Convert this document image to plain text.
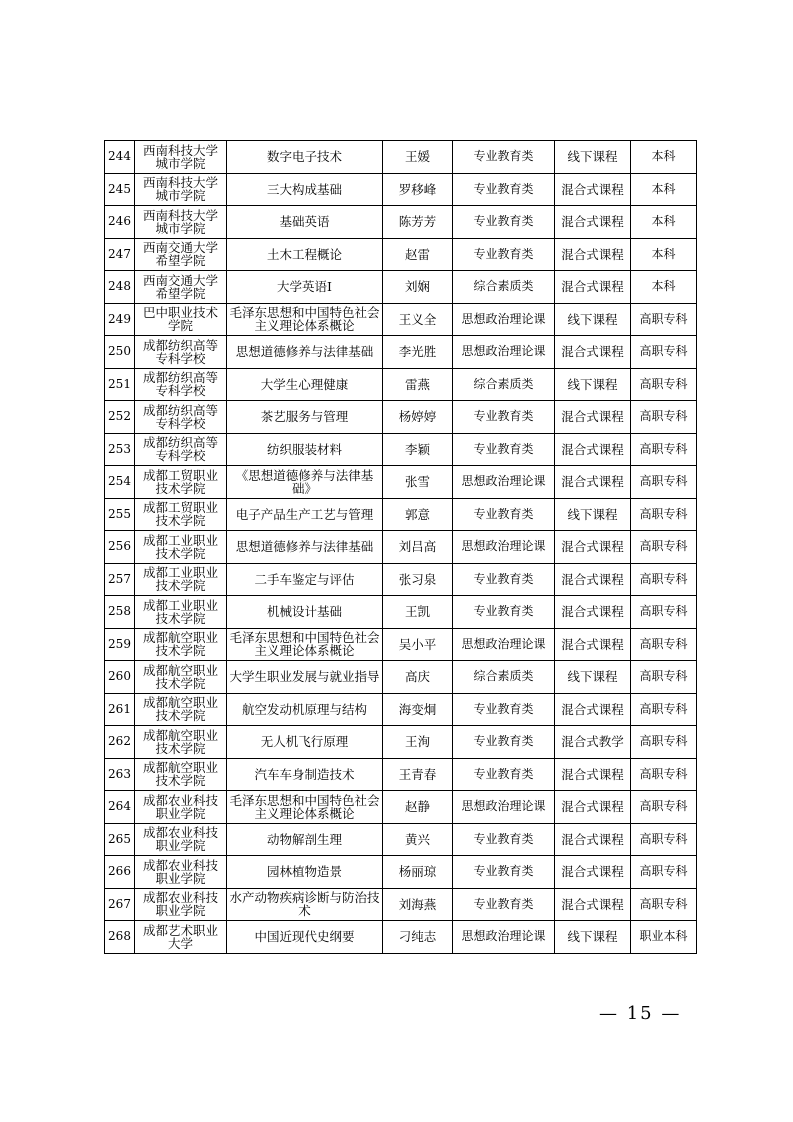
244	西南科技大学城市学院	数字电子技术	王媛	专业教育类	线下课程	本科
245	西南科技大学城市学院	三大构成基础	罗移峰	专业教育类	混合式课程	本科
246	西南科技大学城市学院	基础英语	陈芳芳	专业教育类	混合式课程	本科
247	西南交通大学希望学院	土木工程概论	赵雷	专业教育类	混合式课程	本科
248	西南交通大学希望学院	大学英语Ⅰ	刘娴	综合素质类	混合式课程	本科
249	巴中职业技术学院	毛泽东思想和中国特色社会主义理论体系概论	王义全	思想政治理论课	线下课程	高职专科
250	成都纺织高等专科学校	思想道德修养与法律基础	李光胜	思想政治理论课	混合式课程	高职专科
251	成都纺织高等专科学校	大学生心理健康	雷燕	综合素质类	线下课程	高职专科
252	成都纺织高等专科学校	茶艺服务与管理	杨婷婷	专业教育类	混合式课程	高职专科
253	成都纺织高等专科学校	纺织服装材料	李颖	专业教育类	混合式课程	高职专科
254	成都工贸职业技术学院	《思想道德修养与法律基础》	张雪	思想政治理论课	混合式课程	高职专科
255	成都工贸职业技术学院	电子产品生产工艺与管理	郭意	专业教育类	线下课程	高职专科
256	成都工业职业技术学院	思想道德修养与法律基础	刘吕高	思想政治理论课	混合式课程	高职专科
257	成都工业职业技术学院	二手车鉴定与评估	张习泉	专业教育类	混合式课程	高职专科
258	成都工业职业技术学院	机械设计基础	王凯	专业教育类	混合式课程	高职专科
259	成都航空职业技术学院	毛泽东思想和中国特色社会主义理论体系概论	吴小平	思想政治理论课	混合式课程	高职专科
260	成都航空职业技术学院	大学生职业发展与就业指导	高庆	综合素质类	线下课程	高职专科
261	成都航空职业技术学院	航空发动机原理与结构	海变炯	专业教育类	混合式课程	高职专科
262	成都航空职业技术学院	无人机飞行原理	王洵	专业教育类	混合式教学	高职专科
263	成都航空职业技术学院	汽车车身制造技术	王青春	专业教育类	混合式课程	高职专科
264	成都农业科技职业学院	毛泽东思想和中国特色社会主义理论体系概论	赵静	思想政治理论课	混合式课程	高职专科
265	成都农业科技职业学院	动物解剖生理	黄兴	专业教育类	混合式课程	高职专科
266	成都农业科技职业学院	园林植物造景	杨丽琼	专业教育类	混合式课程	高职专科
267	成都农业科技职业学院	水产动物疾病诊断与防治技术	刘海燕	专业教育类	混合式课程	高职专科
268	成都艺术职业大学	中国近现代史纲要	刁纯志	思想政治理论课	线下课程	职业本科
— 15 —
